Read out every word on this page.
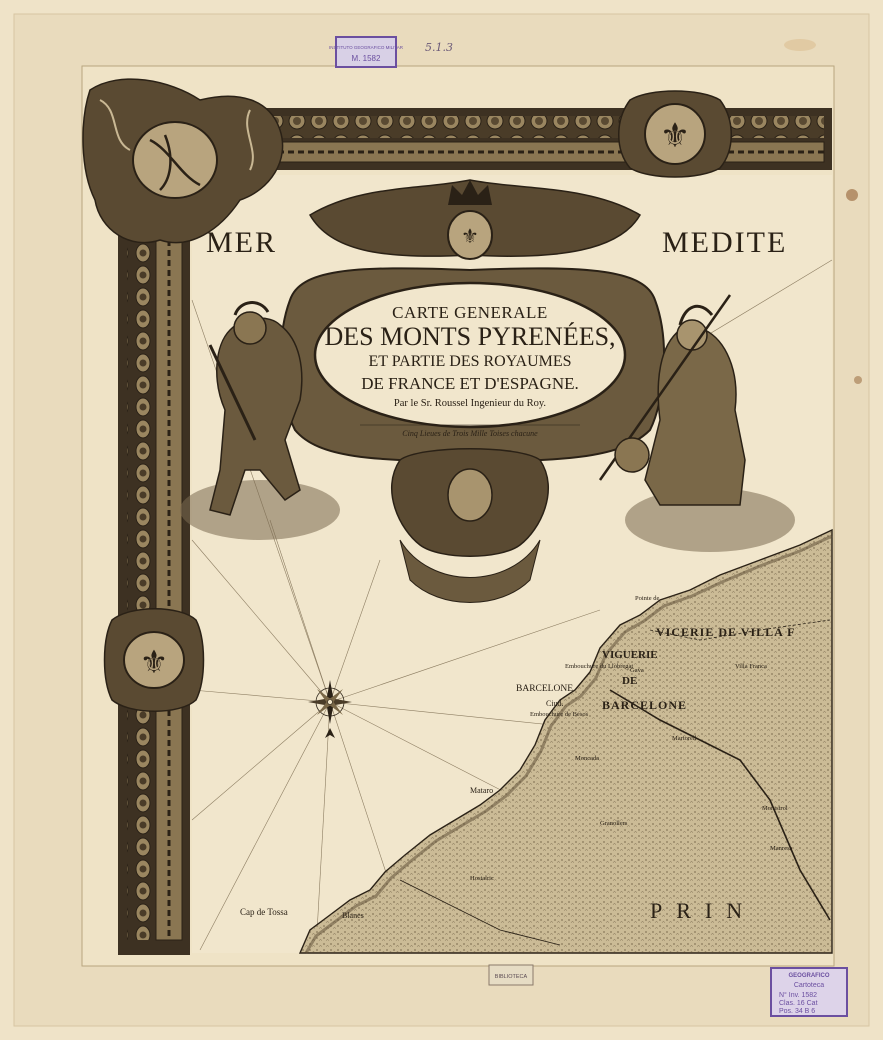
MER	MEDITE
VIGUERIE
DE
BARCELONE
VICERIE DE VILLA F
PRIN
BARCELONE
Ciud.
Embouchure du Llobregat
Embouchure de Besos
Mataro
Cap de Tossa	Blanes
Gava
Pointe de
Villa Franca
Martorell
Monistrol
Moncada
Granollers
Hostalric
Manresa
⚜
⚜
⚜
CARTE GENERALE
DES MONTS PYRENÉES,
ET PARTIE DES ROYAUMES
DE FRANCE ET D'ESPAGNE.
Par le Sr. Roussel Ingenieur du Roy.
Cinq Lieues de Trois Mille Toises chacune
INSTITUTO GEOGRAFICO MILITAR
M. 1582
5.1.3
BIBLIOTECA	GEOGRAFICO
Cartoteca
N° Inv. 1582
Clas. 16 Cat
Pos. 34 B 6
